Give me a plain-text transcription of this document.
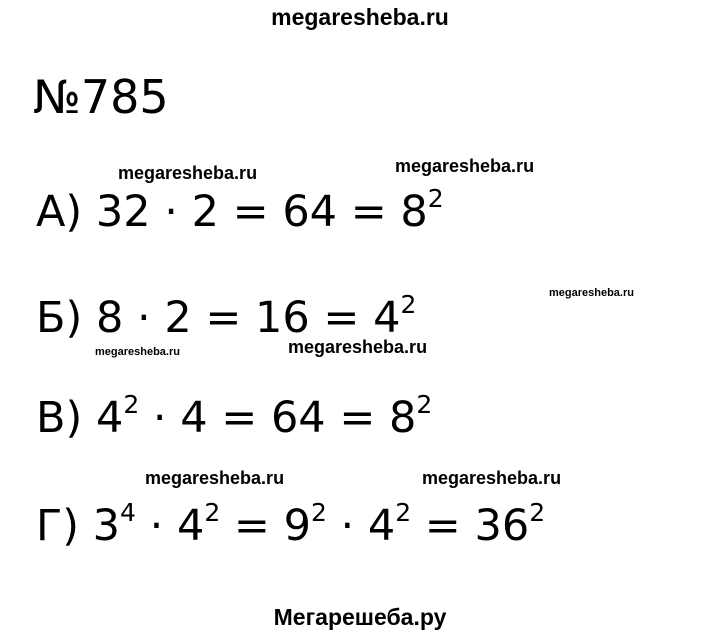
megaresheba.ru
№785
megaresheba.ru	megaresheba.ru
А) $32 \cdot 2 = 64 = 8^2$
megaresheba.ru
Б) $8 \cdot 2 = 16 = 4^2$
megaresheba.ru	megaresheba.ru
В) $4^2 \cdot 4 = 64 = 8^2$
megaresheba.ru	megaresheba.ru
Г) $3^4 \cdot 4^2 = 9^2 \cdot 4^2 = 36^2$
Мегарешеба.ру
